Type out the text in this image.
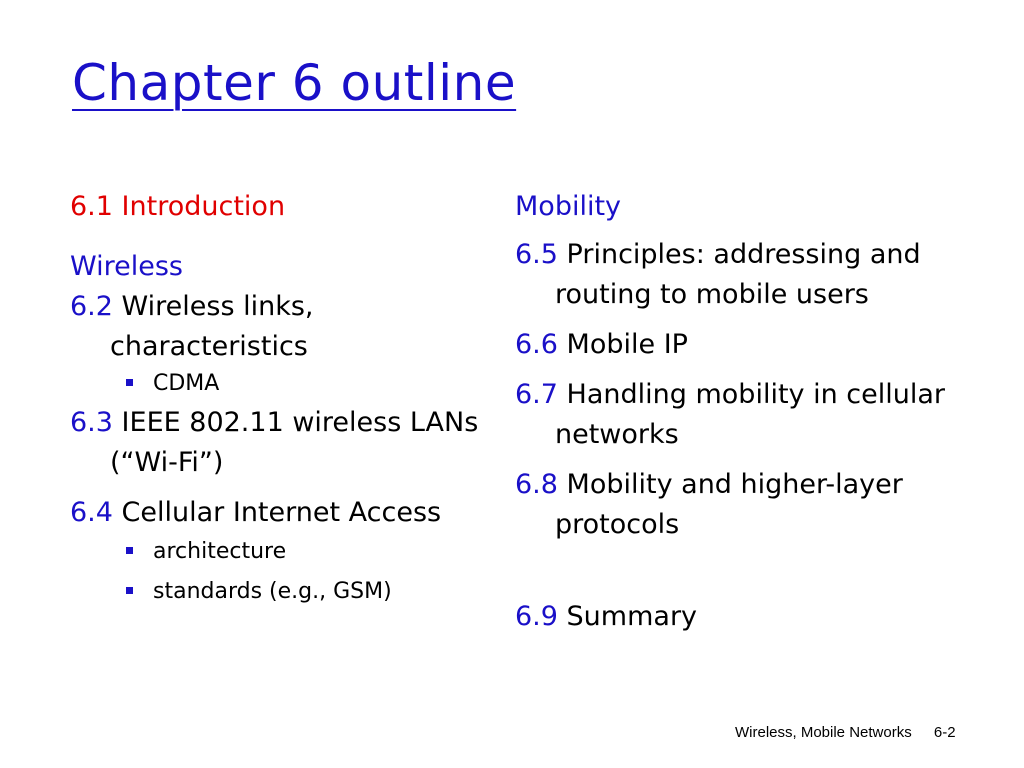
Chapter 6 outline
6.1 Introduction
Wireless
6.2 Wireless links, characteristics
CDMA
6.3 IEEE 802.11 wireless LANs (“Wi-Fi”)
6.4 Cellular Internet Access
architecture
standards (e.g., GSM)
Mobility
6.5 Principles: addressing and routing to mobile users
6.6 Mobile IP
6.7 Handling mobility in cellular networks
6.8 Mobility and higher-layer protocols
6.9 Summary
Wireless, Mobile Networks 6-2
